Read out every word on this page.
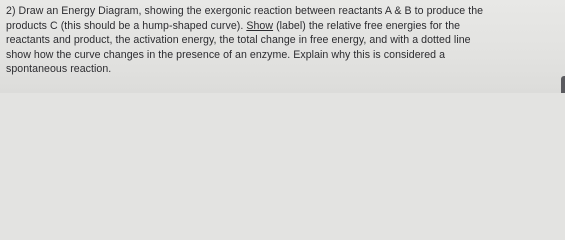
2) Draw an Energy Diagram, showing the exergonic reaction between reactants A & B to produce the
products C (this should be a hump-shaped curve). Show (label) the relative free energies for the
reactants and product, the activation energy, the total change in free energy, and with a dotted line
show how the curve changes in the presence of an enzyme. Explain why this is considered a
spontaneous reaction.
